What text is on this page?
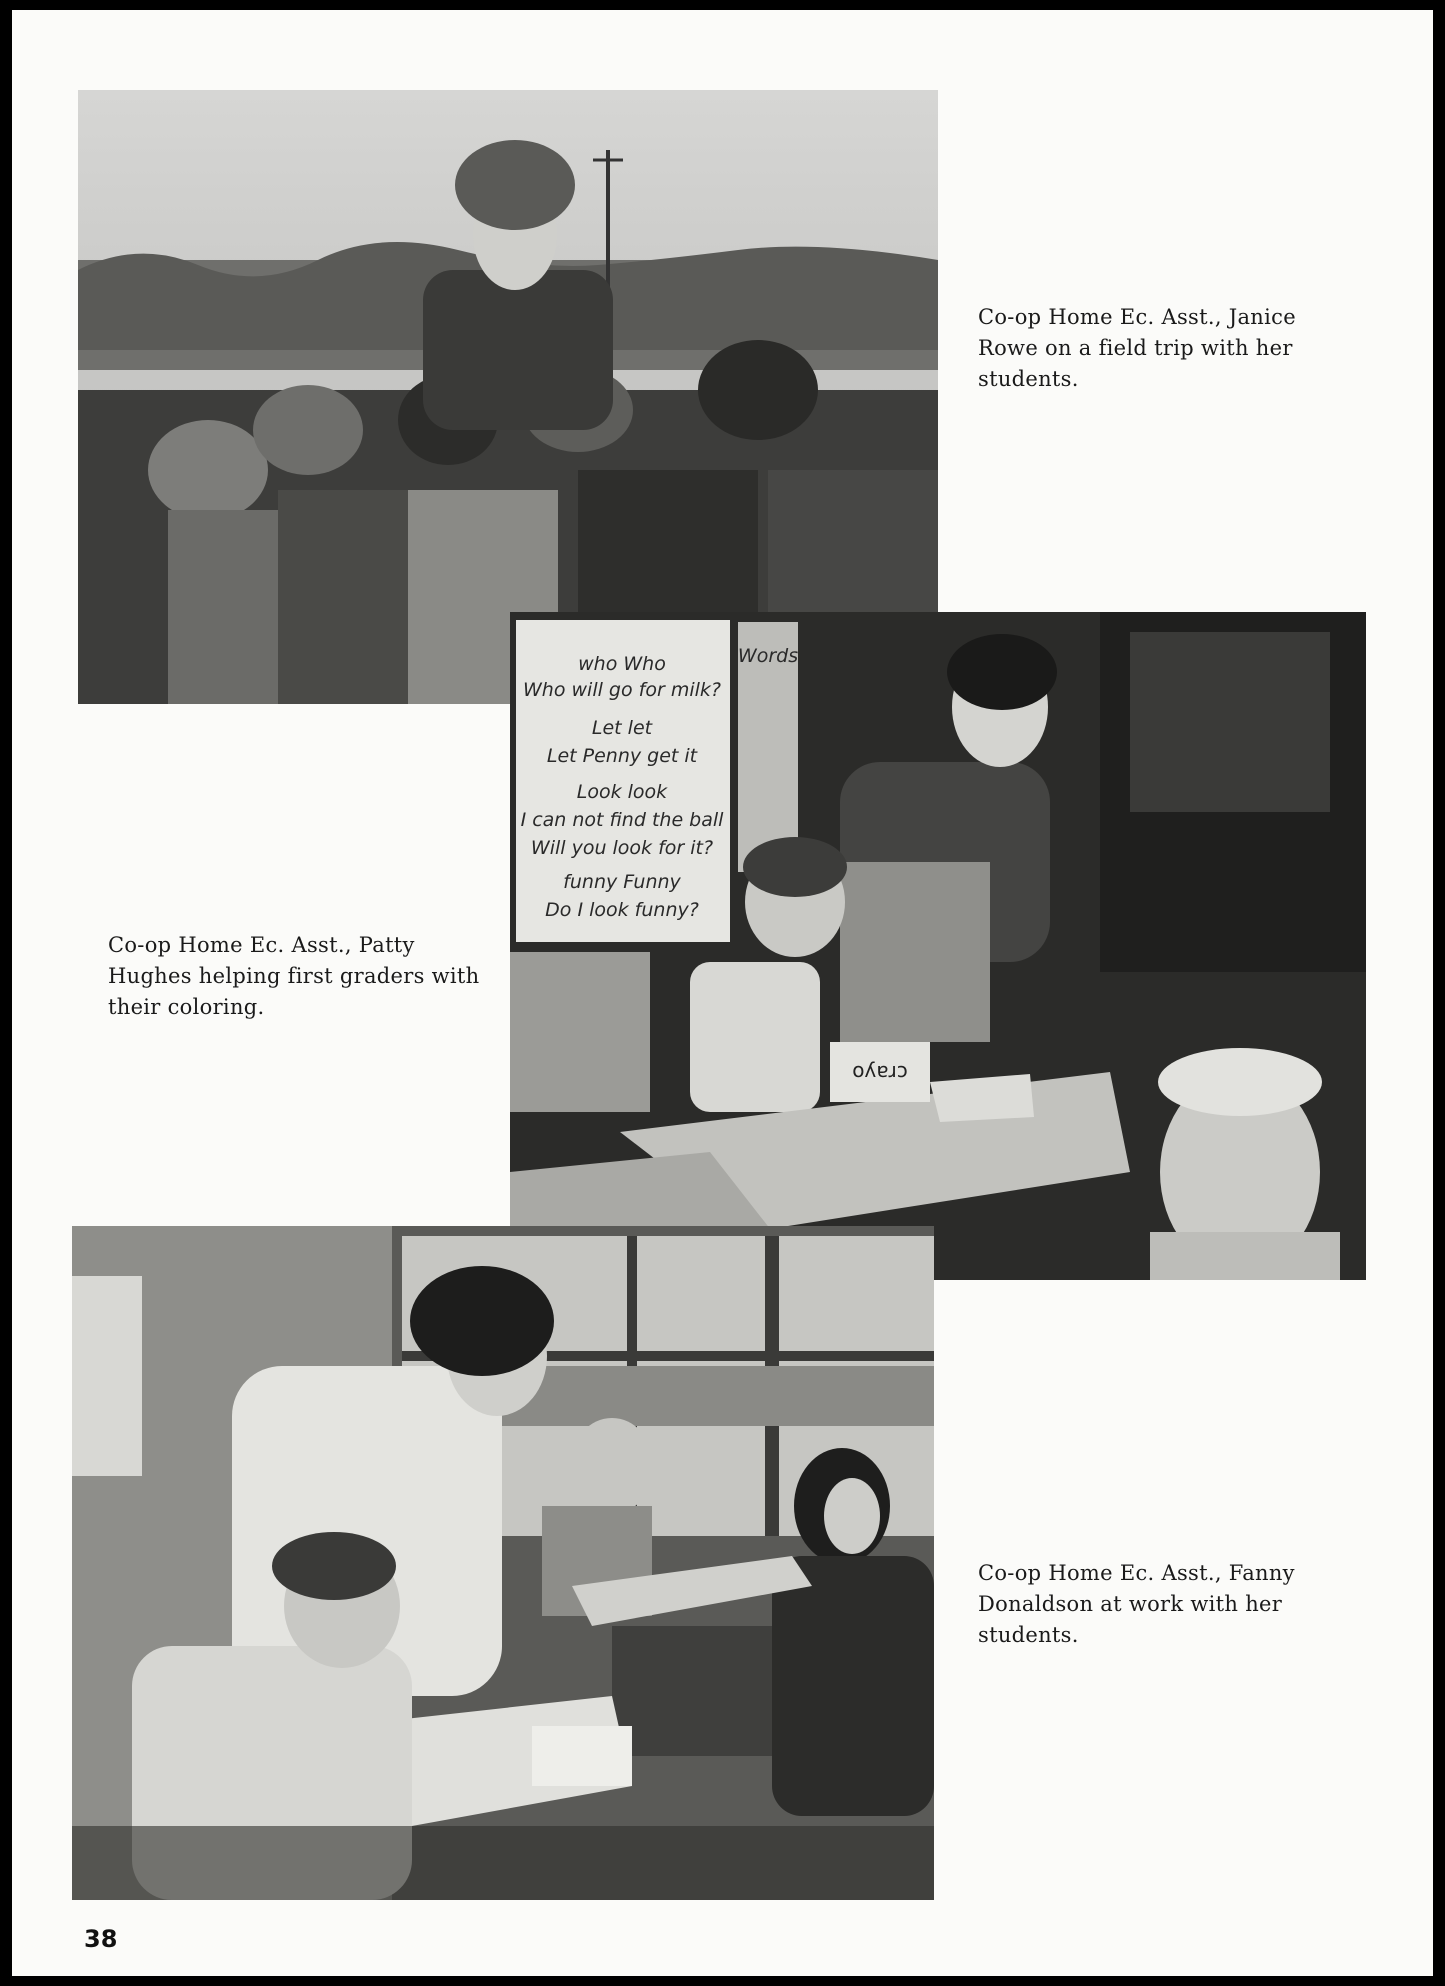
Co-op Home Ec. Asst., Janice
Rowe on a field trip with her
students.
who Who
Who will go for milk?
Let let
Let Penny get it
Look look
I can not find the ball
Will you look for it?
funny Funny
Do I look funny?
Words
crayo
Co-op Home Ec. Asst., Patty
Hughes helping first graders with
their coloring.
Co-op Home Ec. Asst., Fanny
Donaldson at work with her
students.
38
